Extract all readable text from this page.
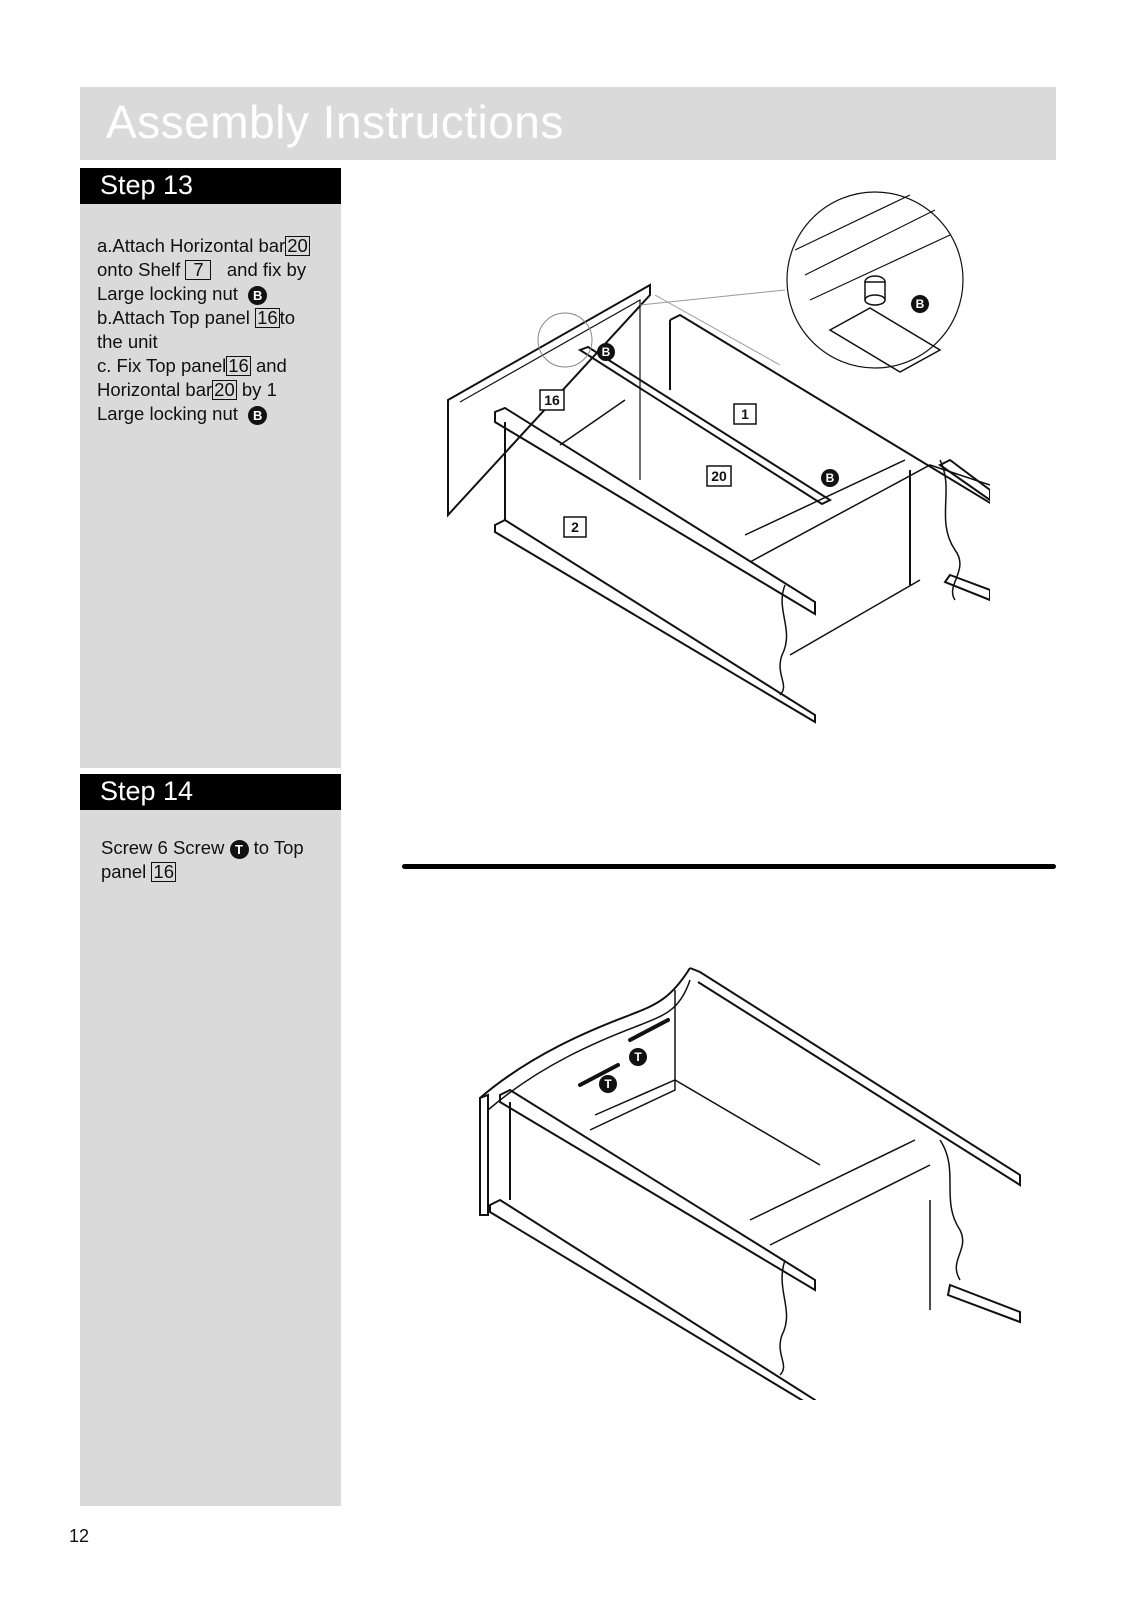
Assembly Instructions
Step 13
a.Attach Horizontal bar 20
onto Shelf 7 and fix by
Large locking nut B
b.Attach Top panel 16 to
the unit
c. Fix Top panel 16 and
Horizontal bar 20 by 1
Large locking nut B
Step 14
Screw 6 Screw T to Top
panel 16
16
1
20
2
B
B
B
T
T
12
